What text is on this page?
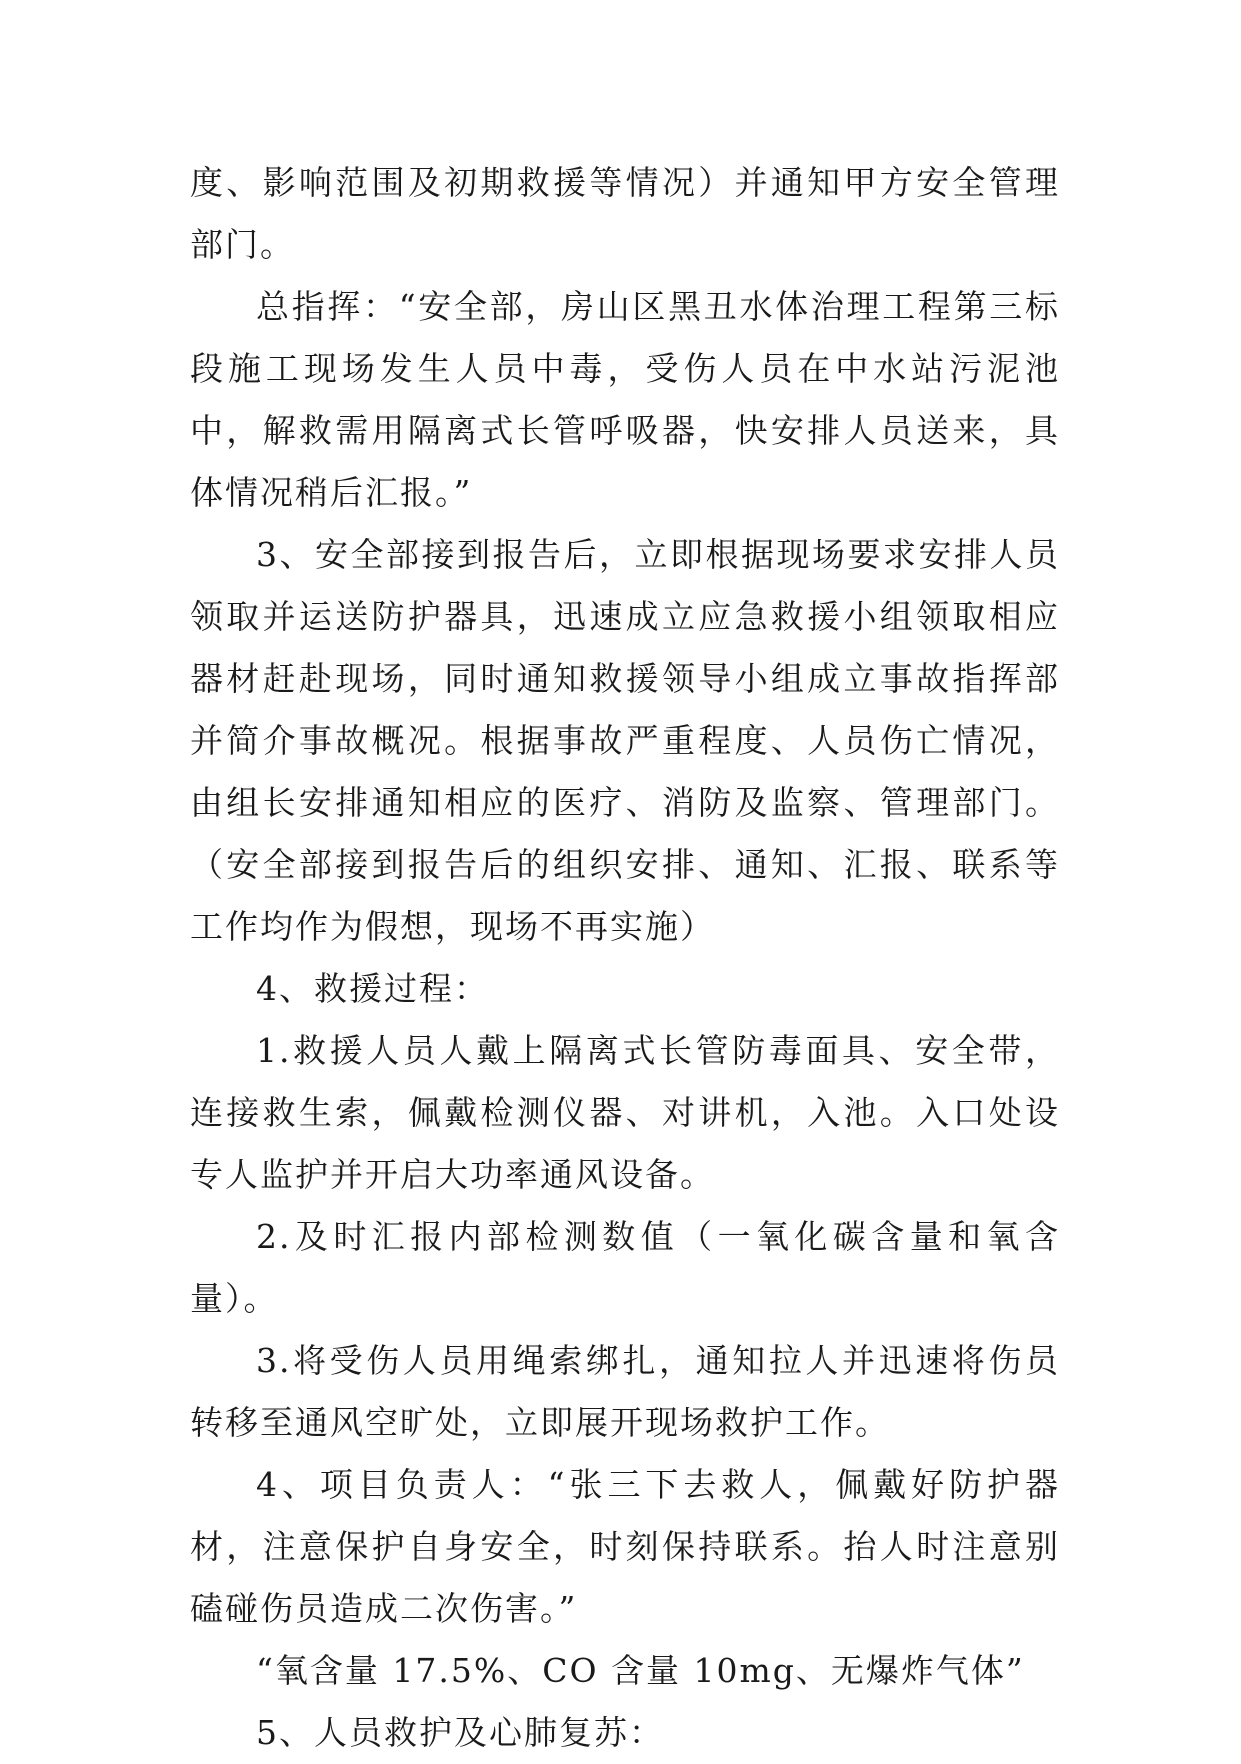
度、影响范围及初期救援等情况）并通知甲方安全管理部门。

总指挥：“安全部，房山区黑丑水体治理工程第三标段施工现场发生人员中毒，受伤人员在中水站污泥池中，解救需用隔离式长管呼吸器，快安排人员送来，具体情况稍后汇报。”

3、安全部接到报告后，立即根据现场要求安排人员领取并运送防护器具，迅速成立应急救援小组领取相应器材赶赴现场，同时通知救援领导小组成立事故指挥部并简介事故概况。根据事故严重程度、人员伤亡情况，由组长安排通知相应的医疗、消防及监察、管理部门。（安全部接到报告后的组织安排、通知、汇报、联系等工作均作为假想，现场不再实施）

4、救援过程：

1.救援人员人戴上隔离式长管防毒面具、安全带，连接救生索，佩戴检测仪器、对讲机，入池。入口处设专人监护并开启大功率通风设备。

2.及时汇报内部检测数值（一氧化碳含量和氧含量）。

3.将受伤人员用绳索绑扎，通知拉人并迅速将伤员转移至通风空旷处，立即展开现场救护工作。

4、项目负责人：“张三下去救人，佩戴好防护器材，注意保护自身安全，时刻保持联系。抬人时注意别磕碰伤员造成二次伤害。”

“氧含量 17.5%、CO 含量 10mg、无爆炸气体”

5、人员救护及心肺复苏：
